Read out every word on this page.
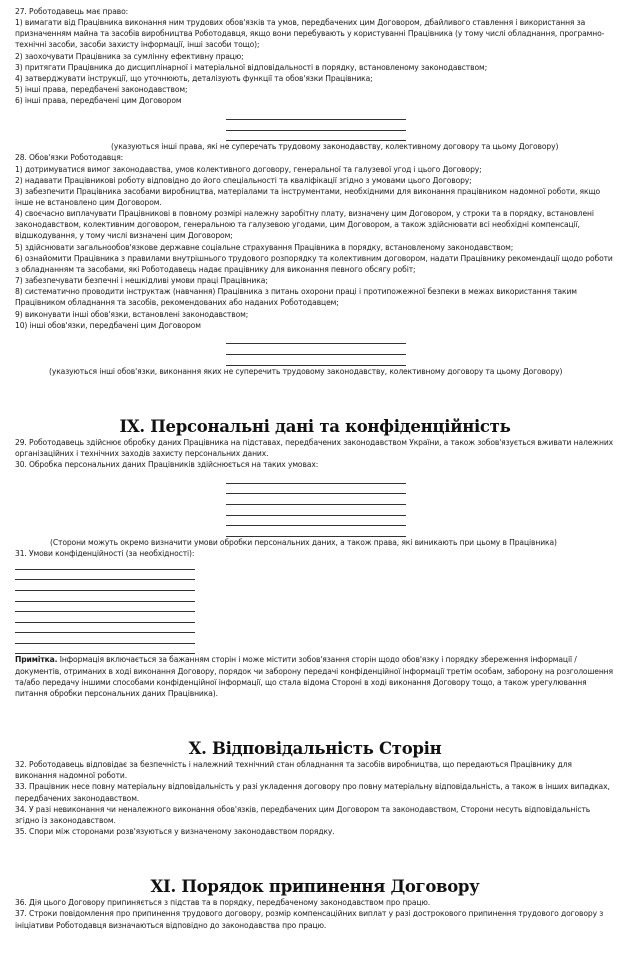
27. Роботодавець має право:

1) вимагати від Працівника виконання ним трудових обов'язків та умов, передбачених цим Договором, дбайливого ставлення і використання за призначенням майна та засобів виробництва Роботодавця, якщо вони перебувають у користуванні Працівника (у тому числі обладнання, програмно-технічні засоби, засоби захисту інформації, інші засоби тощо);

2) заохочувати Працівника за сумлінну ефективну працю;

3) притягати Працівника до дисциплінарної і матеріальної відповідальності в порядку, встановленому законодавством;

4) затверджувати інструкції, що уточнюють, деталізують функції та обов'язки Працівника;

5) інші права, передбачені законодавством;

6) інші права, передбачені цим Договором

(указуються інші права, які не суперечать трудовому законодавству, колективному договору та цьому Договору)

28. Обов'язки Роботодавця:

1) дотримуватися вимог законодавства, умов колективного договору, генеральної та галузевої угод і цього Договору;

2) надавати Працівникові роботу відповідно до його спеціальності та кваліфікації згідно з умовами цього Договору;

3) забезпечити Працівника засобами виробництва, матеріалами та інструментами, необхідними для виконання працівником надомної роботи, якщо інше не встановлено цим Договором.

4) своєчасно виплачувати Працівникові в повному розмірі належну заробітну плату, визначену цим Договором, у строки та в порядку, встановлені законодавством, колективним договором, генеральною та галузевою угодами, цим Договором, а також здійснювати всі необхідні компенсації, відшкодування, у тому числі визначені цим Договором;

5) здійснювати загальнообов'язкове державне соціальне страхування Працівника в порядку, встановленому законодавством;

6) ознайомити Працівника з правилами внутрішнього трудового розпорядку та колективним договором, надати Працівнику рекомендації щодо роботи з обладнанням та засобами, які Роботодавець надає працівнику для виконання певного обсягу робіт;

7) забезпечувати безпечні і нешкідливі умови праці Працівника;

8) систематично проводити інструктаж (навчання) Працівника з питань охорони праці і протипожежної безпеки в межах використання таким Працівником обладнання та засобів, рекомендованих або наданих Роботодавцем;

9) виконувати інші обов'язки, встановлені законодавством;

10) інші обов'язки, передбачені цим Договором

(указуються інші обов'язки, виконання яких не суперечить трудовому законодавству, колективному договору та цьому Договору)

IX. Персональні дані та конфіденційність

29. Роботодавець здійснює обробку даних Працівника на підставах, передбачених законодавством України, а також зобов'язується вживати належних організаційних і технічних заходів захисту персональних даних.

30. Обробка персональних даних Працівників здійснюється на таких умовах:

(Сторони можуть окремо визначити умови обробки персональних даних, а також права, які виникають при цьому в Працівника)

31. Умови конфіденційності (за необхідності):

Примітка. Інформація включається за бажанням сторін і може містити зобов'язання сторін щодо обов'язку і порядку збереження інформації / документів, отриманих в ході виконання Договору, порядок чи заборону передачі конфіденційної інформації третім особам, заборону на розголошення та/або передачу іншими способами конфіденційної інформації, що стала відома Стороні в ході виконання Договору тощо, а також урегулювання питання обробки персональних даних Працівника).

X. Відповідальність Сторін

32. Роботодавець відповідає за безпечність і належний технічний стан обладнання та засобів виробництва, що передаються Працівнику для виконання надомної роботи.

33. Працівник несе повну матеріальну відповідальність у разі укладення договору про повну матеріальну відповідальність, а також в інших випадках, передбачених законодавством.

34. У разі невиконання чи неналежного виконання обов'язків, передбачених цим Договором та законодавством, Сторони несуть відповідальність згідно із законодавством.

35. Спори між сторонами розв'язуються у визначеному законодавством порядку.

XI. Порядок припинення Договору

36. Дія цього Договору припиняється з підстав та в порядку, передбаченому законодавством про працю.

37. Строки повідомлення про припинення трудового договору, розмір компенсаційних виплат у разі дострокового припинення трудового договору з ініціативи Роботодавця визначаються відповідно до законодавства про працю.
